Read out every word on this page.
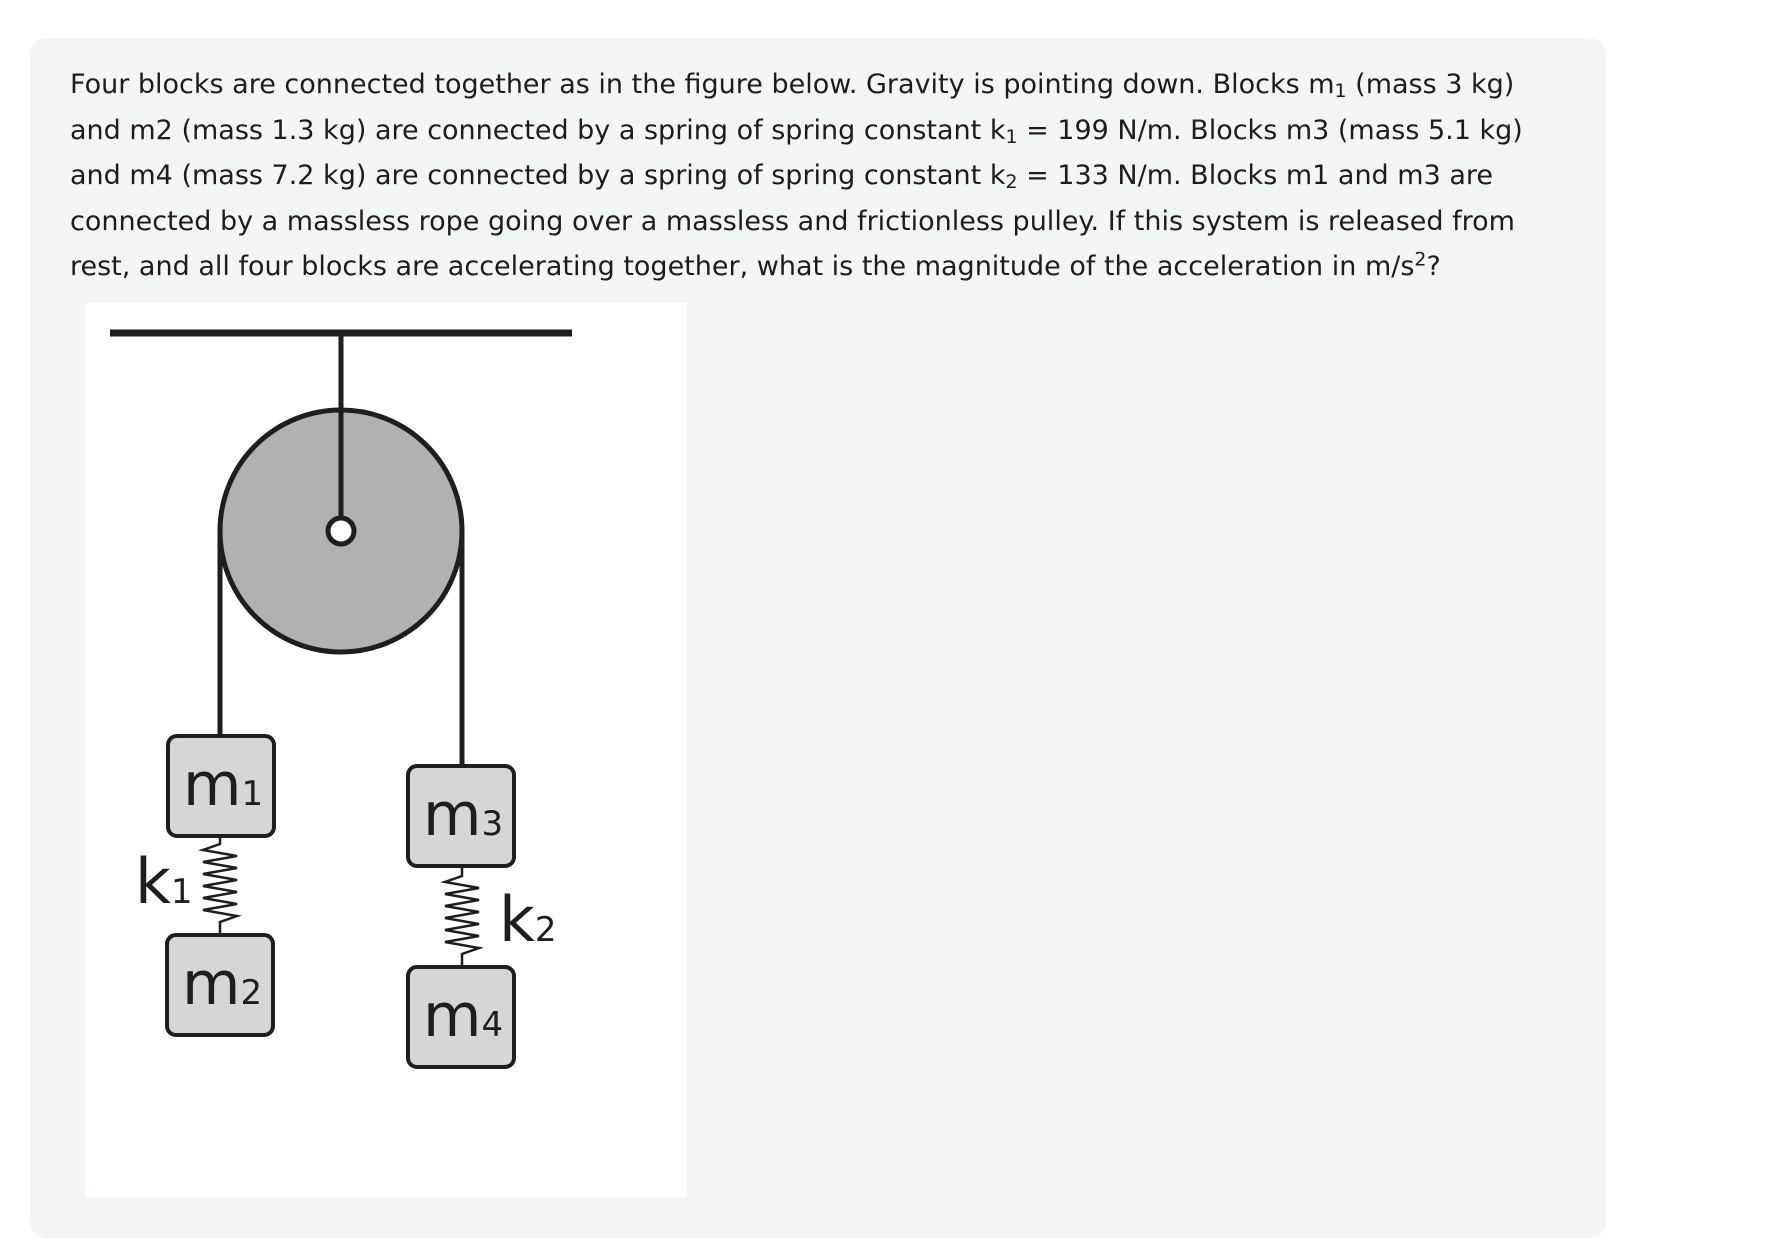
Four blocks are connected together as in the figure below. Gravity is pointing down. Blocks $m_1$ (mass 3 kg) and m2 (mass 1.3 kg) are connected by a spring of spring constant $k_1 = 199$ N/m. Blocks m3 (mass 5.1 kg) and m4 (mass 7.2 kg) are connected by a spring of spring constant $k_2 = 133$ N/m. Blocks m1 and m3 are connected by a massless rope going over a massless and frictionless pulley. If this system is released from rest, and all four blocks are accelerating together, what is the magnitude of the acceleration in $m/s^2$?

m1
m2
m3
m4
k1	k2
